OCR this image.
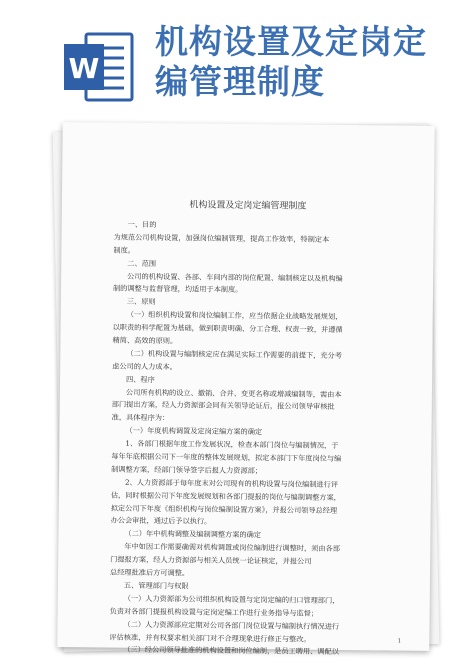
W
机构设置及定岗定
编管理制度
机构设置及定岗定编管理制度
一、目的
为规范公司机构设置，加强岗位编制管理，提高工作效率，特制定本
制度。
二、范围
公司的机构设置、各部、车间内部的岗位配置、编制核定以及机构编
制的调整与监督管理，均适用于本制度。
三、原则
（一）组织机构设置和岗位编制工作，应当依据企业战略发展规划，
以职责的科学配置为基础，做到职责明确、分工合理、权责一致，并遵循
精简、高效的原则。
（二）机构设置与编制核定应在满足实际工作需要的前提下，充分考
虑公司的人力成本。
四、程序
公司所有机构的设立、撤销、合并、变更名称或增减编制等，需由本
部门提出方案，经人力资源部会同有关领导论证后，报公司领导审核批
准，具体程序为：
（一）年度机构调置及定岗定编方案的确定
1、各部门根据年度工作发展状况，检查本部门岗位与编制情况，于
每年年底根据公司下一年度的整体发展规划，拟定本部门下年度岗位与编
制调整方案，经部门领导签字后报人力资源部；
2、人力资源部于每年度末对公司现有的机构设置与岗位编制进行评
估，同时根据公司下年度发展规划和各部门提报的岗位与编制调整方案，
拟定公司下年度《组织机构与岗位编制设置方案》，并报公司领导总经理
办公会审批，通过后予以执行。
（二）年中机构调整及编制调整方案的确定
年中如因工作需要确需对机构调置或岗位编制进行调整时，须由各部
门提报方案，经人力资源部与相关人员统一论证核定，并报公司
总经理批准后方可调整。
五、管理部门与权限
（一）人力资源部为公司组织机构设置与定岗定编的归口管理部门，
负责对各部门提报机构设置与定岗定编工作进行业务指导与监督；
（二）人力资源部应定期对公司各部门岗位设置与编制执行情况进行
评估核准，并有权要求相关部门对不合理现象进行修正与整改。
（三）经公司领导批准的机构设置和岗位编制，是员工聘用、调配以
1
